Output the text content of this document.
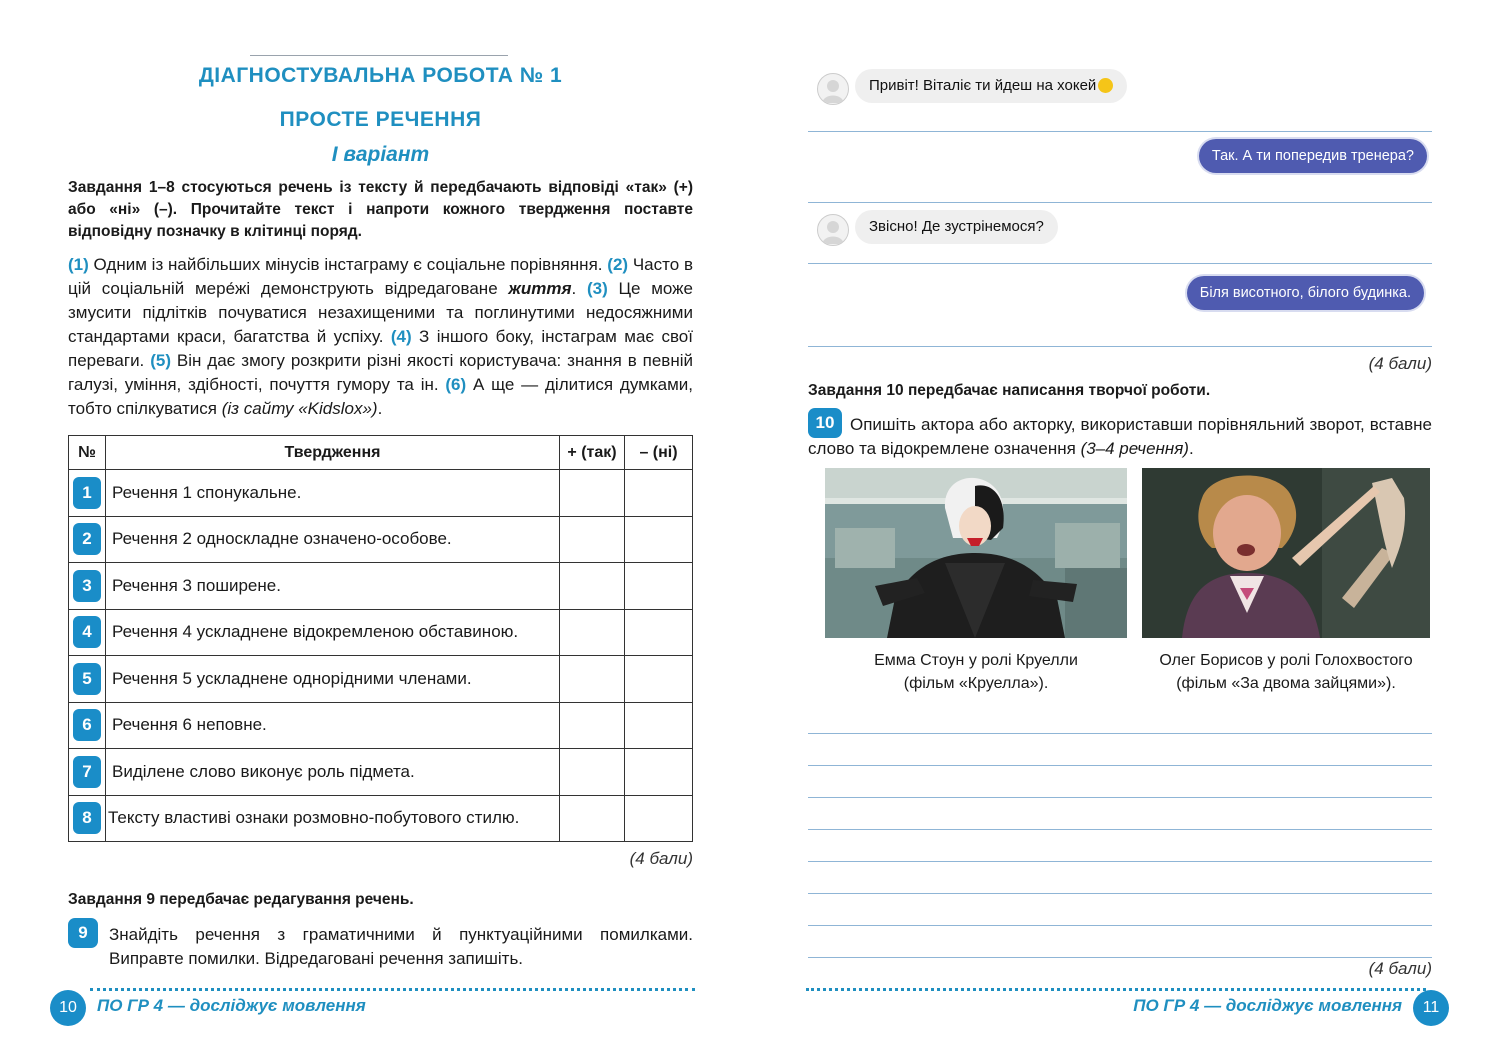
ДІАГНОСТУВАЛЬНА РОБОТА № 1
ПРОСТЕ РЕЧЕННЯ
І варіант
Завдання 1–8 стосуються речень із тексту й передбачають відповіді «так» (+) або «ні» (–). Прочитайте текст і напроти кожного твердження поставте відповідну позначку в клітинці поряд.
(1) Одним із найбільших мінусів інстаграму є соціальне порівняння. (2) Часто в цій соціальній мере́жі демонструють відредаговане життя. (3) Це може змусити підлітків почуватися незахищеними та поглинутими недосяжними стандартами краси, багатства й успіху. (4) З іншого боку, інстаграм має свої переваги. (5) Він дає змогу розкрити різні якості користувача: знання в певній галузі, уміння, здібності, почуття гумору та ін. (6) А ще — ділитися думками, тобто спілкуватися (із сайту «Kidslox»).
№	Твердження	+ (так)	– (ні)
1	Речення 1 спонукальне.		
2	Речення 2 односкладне означено-особове.		
3	Речення 3 поширене.		
4	Речення 4 ускладнене відокремленою обставиною.		
5	Речення 5 ускладнене однорідними членами.		
6	Речення 6 неповне.		
7	Виділене слово виконує роль підмета.		
8	Тексту властиві ознаки розмовно-побутового стилю.		
(4 бали)
Завдання 9 передбачає редагування речень.
9	Знайдіть речення з граматичними й пунктуаційними помилками. Виправте помилки. Відредаговані речення запишіть.
10	ПО ГР 4 — досліджує мовлення
Привіт! Віталіє ти йдеш на хокей
Так. А ти попередив тренера?
Звісно! Де зустрінемося?
Біля висотного, білого будинка.
(4 бали)
Завдання 10 передбачає написання творчої роботи.
Опишіть актора або акторку, використавши порівняльний зворот, вставне слово та відокремлене означення (3–4 речення).
10
Емма Стоун у ролі Круелли
(фільм «Круелла»).
Олег Борисов у ролі Голохвостого
(фільм «За двома зайцями»).
(4 бали)
ПО ГР 4 — досліджує мовлення	11
